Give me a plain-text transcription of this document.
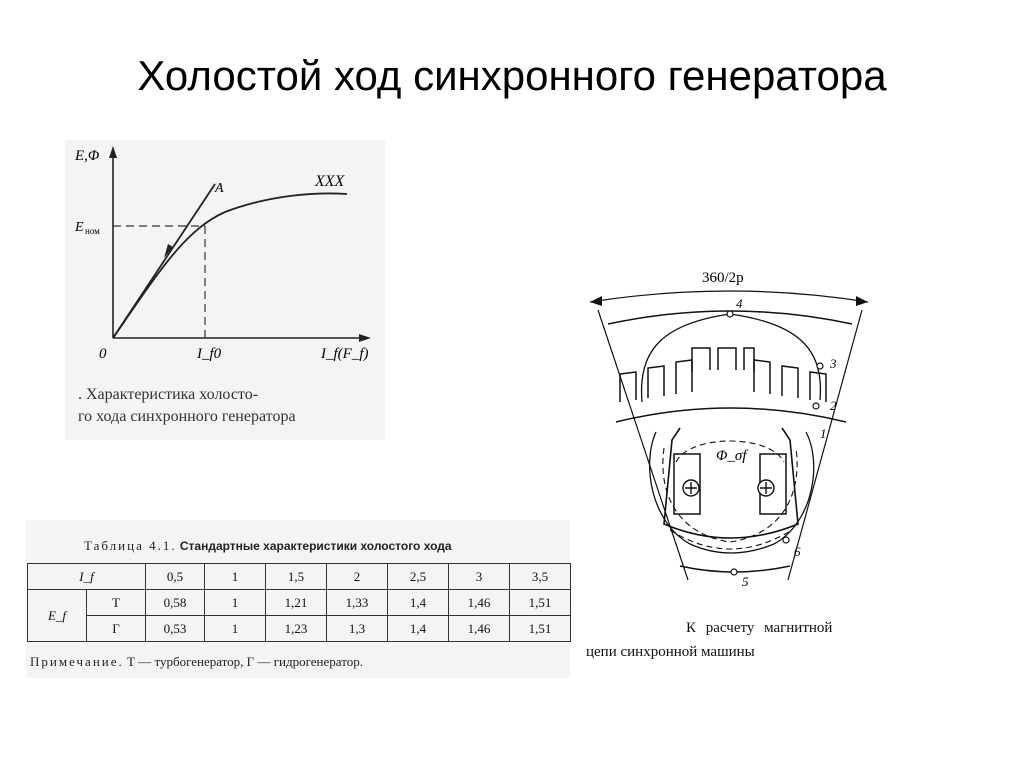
Холостой ход синхронного генератора
E,Φ
E ном
0	I_f0	I_f(F_f)
A	XXX
. Характеристика холосто-
го хода синхронного генератора
Таблица 4.1. Стандартные характеристики холостого хода
I_f		0,5	1	1,5	2	2,5	3	3,5
E_f	Т	0,58	1	1,21	1,33	1,4	1,46	1,51
	Г	0,53	1	1,23	1,3	1,4	1,46	1,51
Примечание. Т — турбогенератор, Г — гидрогенератор.
360/2p
Φ_σf
1
2
3
4
5
6
К расчету магнитной
цепи синхронной машины
